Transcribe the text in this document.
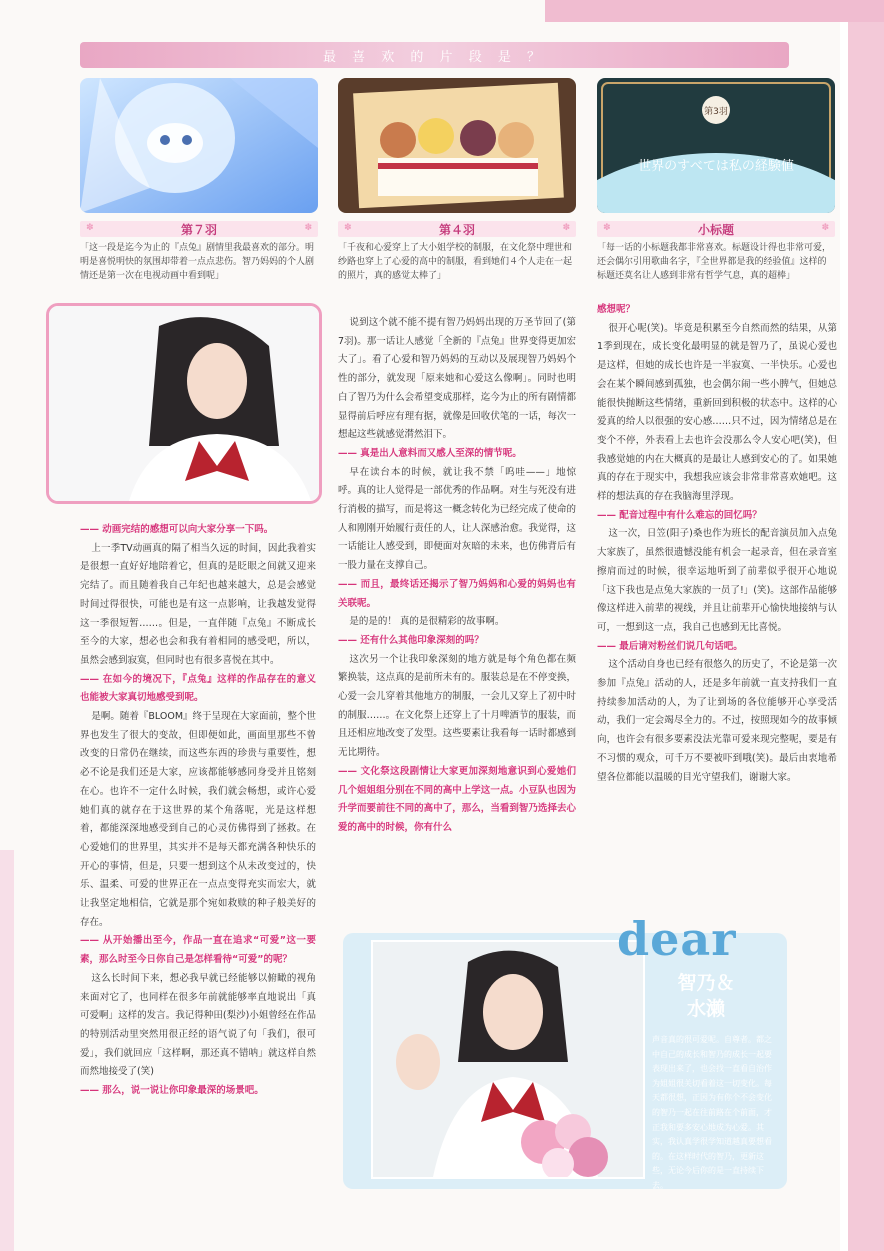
最 喜 欢 的 片 段 是 ？
第3羽
世界のすべては私の経験値
✽	第７羽	✽	✽	第４羽	✽	✽	小标题	✽
「这一段是迄今为止的『点兔』剧情里我最喜欢的部分。明明是喜悦明快的氛围却带着一点点悲伤。智乃妈妈的个人剧情还是第一次在电视动画中看到呢」
「千夜和心爱穿上了大小姐学校的制服，在文化祭中理世和纱路也穿上了心爱的高中的制服，看到她们４个人走在一起的照片，真的感觉太棒了」
「每一话的小标题我都非常喜欢。标题设计得也非常可爱，还会偶尔引用歌曲名字，『全世界都是我的经验值』这样的标题还莫名让人感到非常有哲学气息，真的超棒」

—— 动画完结的感想可以向大家分享一下吗。

上一季TV动画真的隔了相当久远的时间，因此我着实是很想一直好好地陪着它，但真的是眨眼之间就又迎来完结了。而且随着我自己年纪也越来越大，总是会感觉时间过得很快，可能也是有这一点影响，让我越发觉得这一季很短暂……。但是，一直伴随『点兔』不断成长至今的大家，想必也会和我有着相同的感受吧，所以，虽然会感到寂寞，但同时也有很多喜悦在其中。

—— 在如今的境况下，『点兔』这样的作品存在的意义也能被大家真切地感受到呢。

是啊。随着『BLOOM』终于呈现在大家面前，整个世界也发生了很大的变故，但即便如此，画面里那些不曾改变的日常仍在继续，而这些东西的珍贵与重要性，想必不论是我们还是大家，应该都能够感同身受并且铭刻在心。也许不一定什么时候，我们就会畅想，或许心爱她们真的就存在于这世界的某个角落呢，光是这样想着，都能深深地感受到自己的心灵仿佛得到了拯救。在心爱她们的世界里，其实并不是每天都充满各种快乐的开心的事情，但是，只要一想到这个从未改变过的，快乐、温柔、可爱的世界正在一点点变得充实而宏大，就让我坚定地相信，它就是那个宛如救赎的种子般美好的存在。

—— 从开始播出至今，作品一直在追求“可爱”这一要素，那么时至今日你自己是怎样看待“可爱”的呢？

这么长时间下来，想必我早就已经能够以俯瞰的视角来面对它了，也同样在很多年前就能够率直地说出「真可爱啊」这样的发言。我记得种田(梨沙)小姐曾经在作品的特别活动里突然用很正经的语气说了句「我们，很可爱」，我们就回应「这样啊，那还真不错呐」就这样自然而然地接受了(笑)

—— 那么，说一说让你印象最深的场景吧。

说到这个就不能不提有智乃妈妈出现的万圣节回了(第7羽)。那一话让人感觉「全新的『点兔』世界变得更加宏大了」。看了心爱和智乃妈妈的互动以及展现智乃妈妈个性的部分，就发现「原来她和心爱这么像啊」。同时也明白了智乃为什么会希望变成那样，迄今为止的所有剧情都显得前后呼应有理有据，就像是回收伏笔的一话，每次一想起这些就感觉潸然泪下。

—— 真是出人意料而又感人至深的情节呢。

早在读台本的时候，就让我不禁「呜哇——」地惊呼。真的让人觉得是一部优秀的作品啊。对生与死没有进行消极的描写，而是将这一概念转化为已经完成了使命的人和刚刚开始履行责任的人，让人深感治愈。我觉得，这一话能让人感受到，即便面对灰暗的未来，也仿佛背后有一股力量在支撑自己。

—— 而且，最终话还揭示了智乃妈妈和心爱的妈妈也有关联呢。

是的是的！ 真的是很精彩的故事啊。

—— 还有什么其他印象深刻的吗？

这次另一个让我印象深刻的地方就是每个角色都在频繁换装，这点真的是前所未有的。服装总是在不停变换，心爱一会儿穿着其他地方的制服，一会儿又穿上了初中时的制服……。在文化祭上还穿上了十月啤酒节的服装，而且还相应地改变了发型。这些要素让我看每一话时都感到无比期待。

—— 文化祭这段剧情让大家更加深刻地意识到心爱她们几个姐姐组分别在不同的高中上学这一点。小豆队也因为升学而要前往不同的高中了，那么，当看到智乃选择去心爱的高中的时候，你有什么

感想呢？

很开心呢(笑)。毕竟是积累至今自然而然的结果，从第1季到现在，成长变化最明显的就是智乃了，虽说心爱也是这样，但她的成长也许是一半寂寞、一半快乐。心爱也会在某个瞬间感到孤独，也会偶尔闹一些小脾气，但她总能很快抛断这些情绪，重新回到积极的状态中。这样的心爱真的给人以很强的安心感……只不过，因为情绪总是在变个不停，外表看上去也许会没那么令人安心吧(笑)，但我感觉她的内在大概真的是最让人感到安心的了。如果她真的存在于现实中，我想我应该会非常非常喜欢她吧。这样的想法真的存在我脑海里浮现。

—— 配音过程中有什么难忘的回忆吗？

这一次，日笠(阳子)桑也作为班长的配音演员加入点兔大家族了，虽然很遗憾没能有机会一起录音，但在录音室擦肩而过的时候，很幸运地听到了前辈似乎很开心地说「这下我也是点兔大家族的一员了!」(笑)。这部作品能够像这样进入前辈的视线，并且让前辈开心愉快地接纳与认可，一想到这一点，我自己也感到无比喜悦。

—— 最后请对粉丝们说几句话吧。

这个活动自身也已经有很悠久的历史了，不论是第一次参加『点兔』活动的人，还是多年前就一直支持我们一直持续参加活动的人，为了让到场的各位能够开心享受活动，我们一定会竭尽全力的。不过，按照现如今的故事倾向，也许会有很多要素没法光靠可爱来现完整呢，要是有不习惯的观众，可千万不要被吓到哦(笑)。最后由衷地希望各位都能以温暖的目光守望我们，谢谢大家。

dear
智乃＆
水濑
声音真的很可爱呢。自尊者。都之中自己的成长和智乃的成长一起要表现出来了，也会找一直看自治作为姐姐很关切看着这一切变化。每天都很想，正因为有你个不会变化的智乃一起在往前路在个前面，才正我和要多安心地成为心爱。其实，我认真学很学知道越真要想看的。在这样时代的智乃，更新这些，无论今后你的是一直持续下去。
